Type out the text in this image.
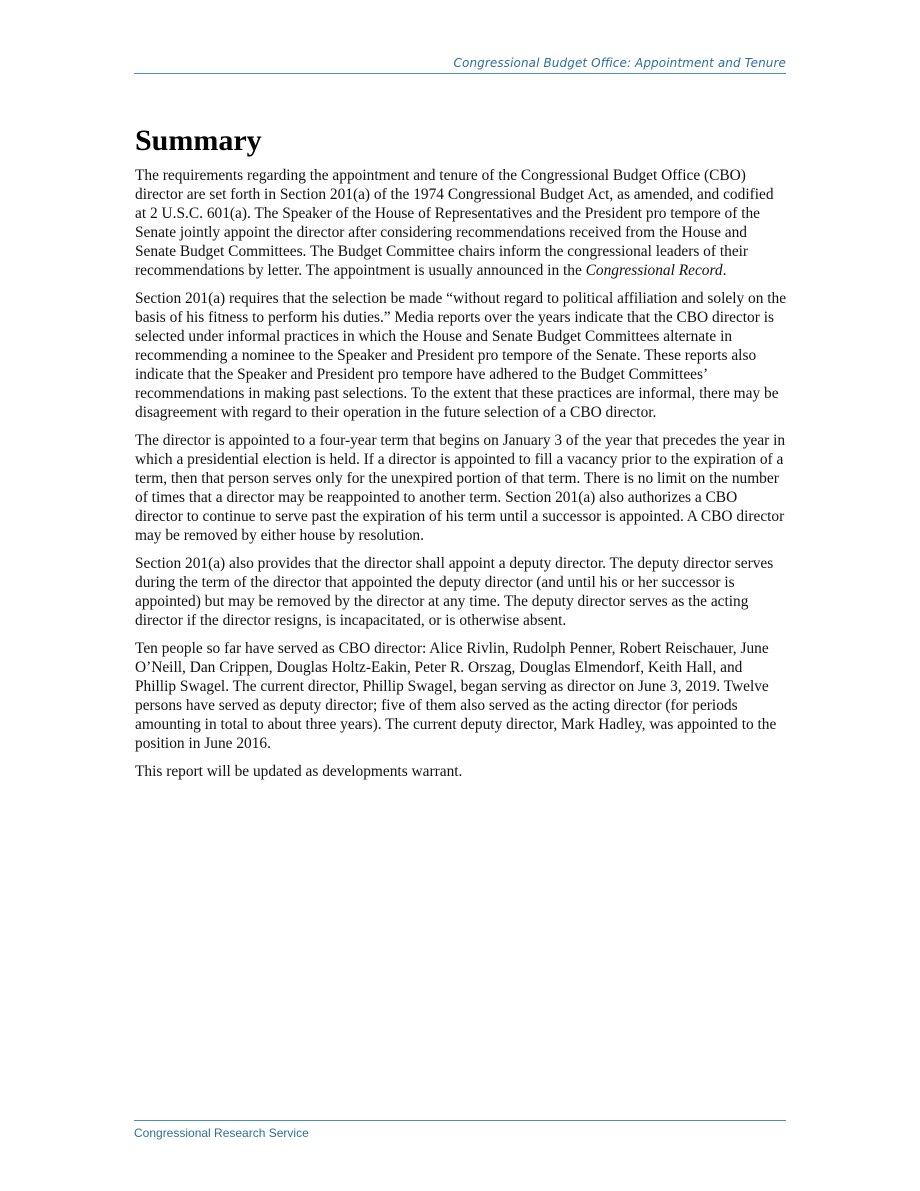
Congressional Budget Office: Appointment and Tenure
Summary

The requirements regarding the appointment and tenure of the Congressional Budget Office (CBO) director are set forth in Section 201(a) of the 1974 Congressional Budget Act, as amended, and codified at 2 U.S.C. 601(a). The Speaker of the House of Representatives and the President pro tempore of the Senate jointly appoint the director after considering recommendations received from the House and Senate Budget Committees. The Budget Committee chairs inform the congressional leaders of their recommendations by letter. The appointment is usually announced in the Congressional Record.

Section 201(a) requires that the selection be made “without regard to political affiliation and solely on the basis of his fitness to perform his duties.” Media reports over the years indicate that the CBO director is selected under informal practices in which the House and Senate Budget Committees alternate in recommending a nominee to the Speaker and President pro tempore of the Senate. These reports also indicate that the Speaker and President pro tempore have adhered to the Budget Committees’ recommendations in making past selections. To the extent that these practices are informal, there may be disagreement with regard to their operation in the future selection of a CBO director.

The director is appointed to a four-year term that begins on January 3 of the year that precedes the year in which a presidential election is held. If a director is appointed to fill a vacancy prior to the expiration of a term, then that person serves only for the unexpired portion of that term. There is no limit on the number of times that a director may be reappointed to another term. Section 201(a) also authorizes a CBO director to continue to serve past the expiration of his term until a successor is appointed. A CBO director may be removed by either house by resolution.

Section 201(a) also provides that the director shall appoint a deputy director. The deputy director serves during the term of the director that appointed the deputy director (and until his or her successor is appointed) but may be removed by the director at any time. The deputy director serves as the acting director if the director resigns, is incapacitated, or is otherwise absent.

Ten people so far have served as CBO director: Alice Rivlin, Rudolph Penner, Robert Reischauer, June O’Neill, Dan Crippen, Douglas Holtz-Eakin, Peter R. Orszag, Douglas Elmendorf, Keith Hall, and Phillip Swagel. The current director, Phillip Swagel, began serving as director on June 3, 2019. Twelve persons have served as deputy director; five of them also served as the acting director (for periods amounting in total to about three years). The current deputy director, Mark Hadley, was appointed to the position in June 2016.

This report will be updated as developments warrant.

Congressional Research Service
